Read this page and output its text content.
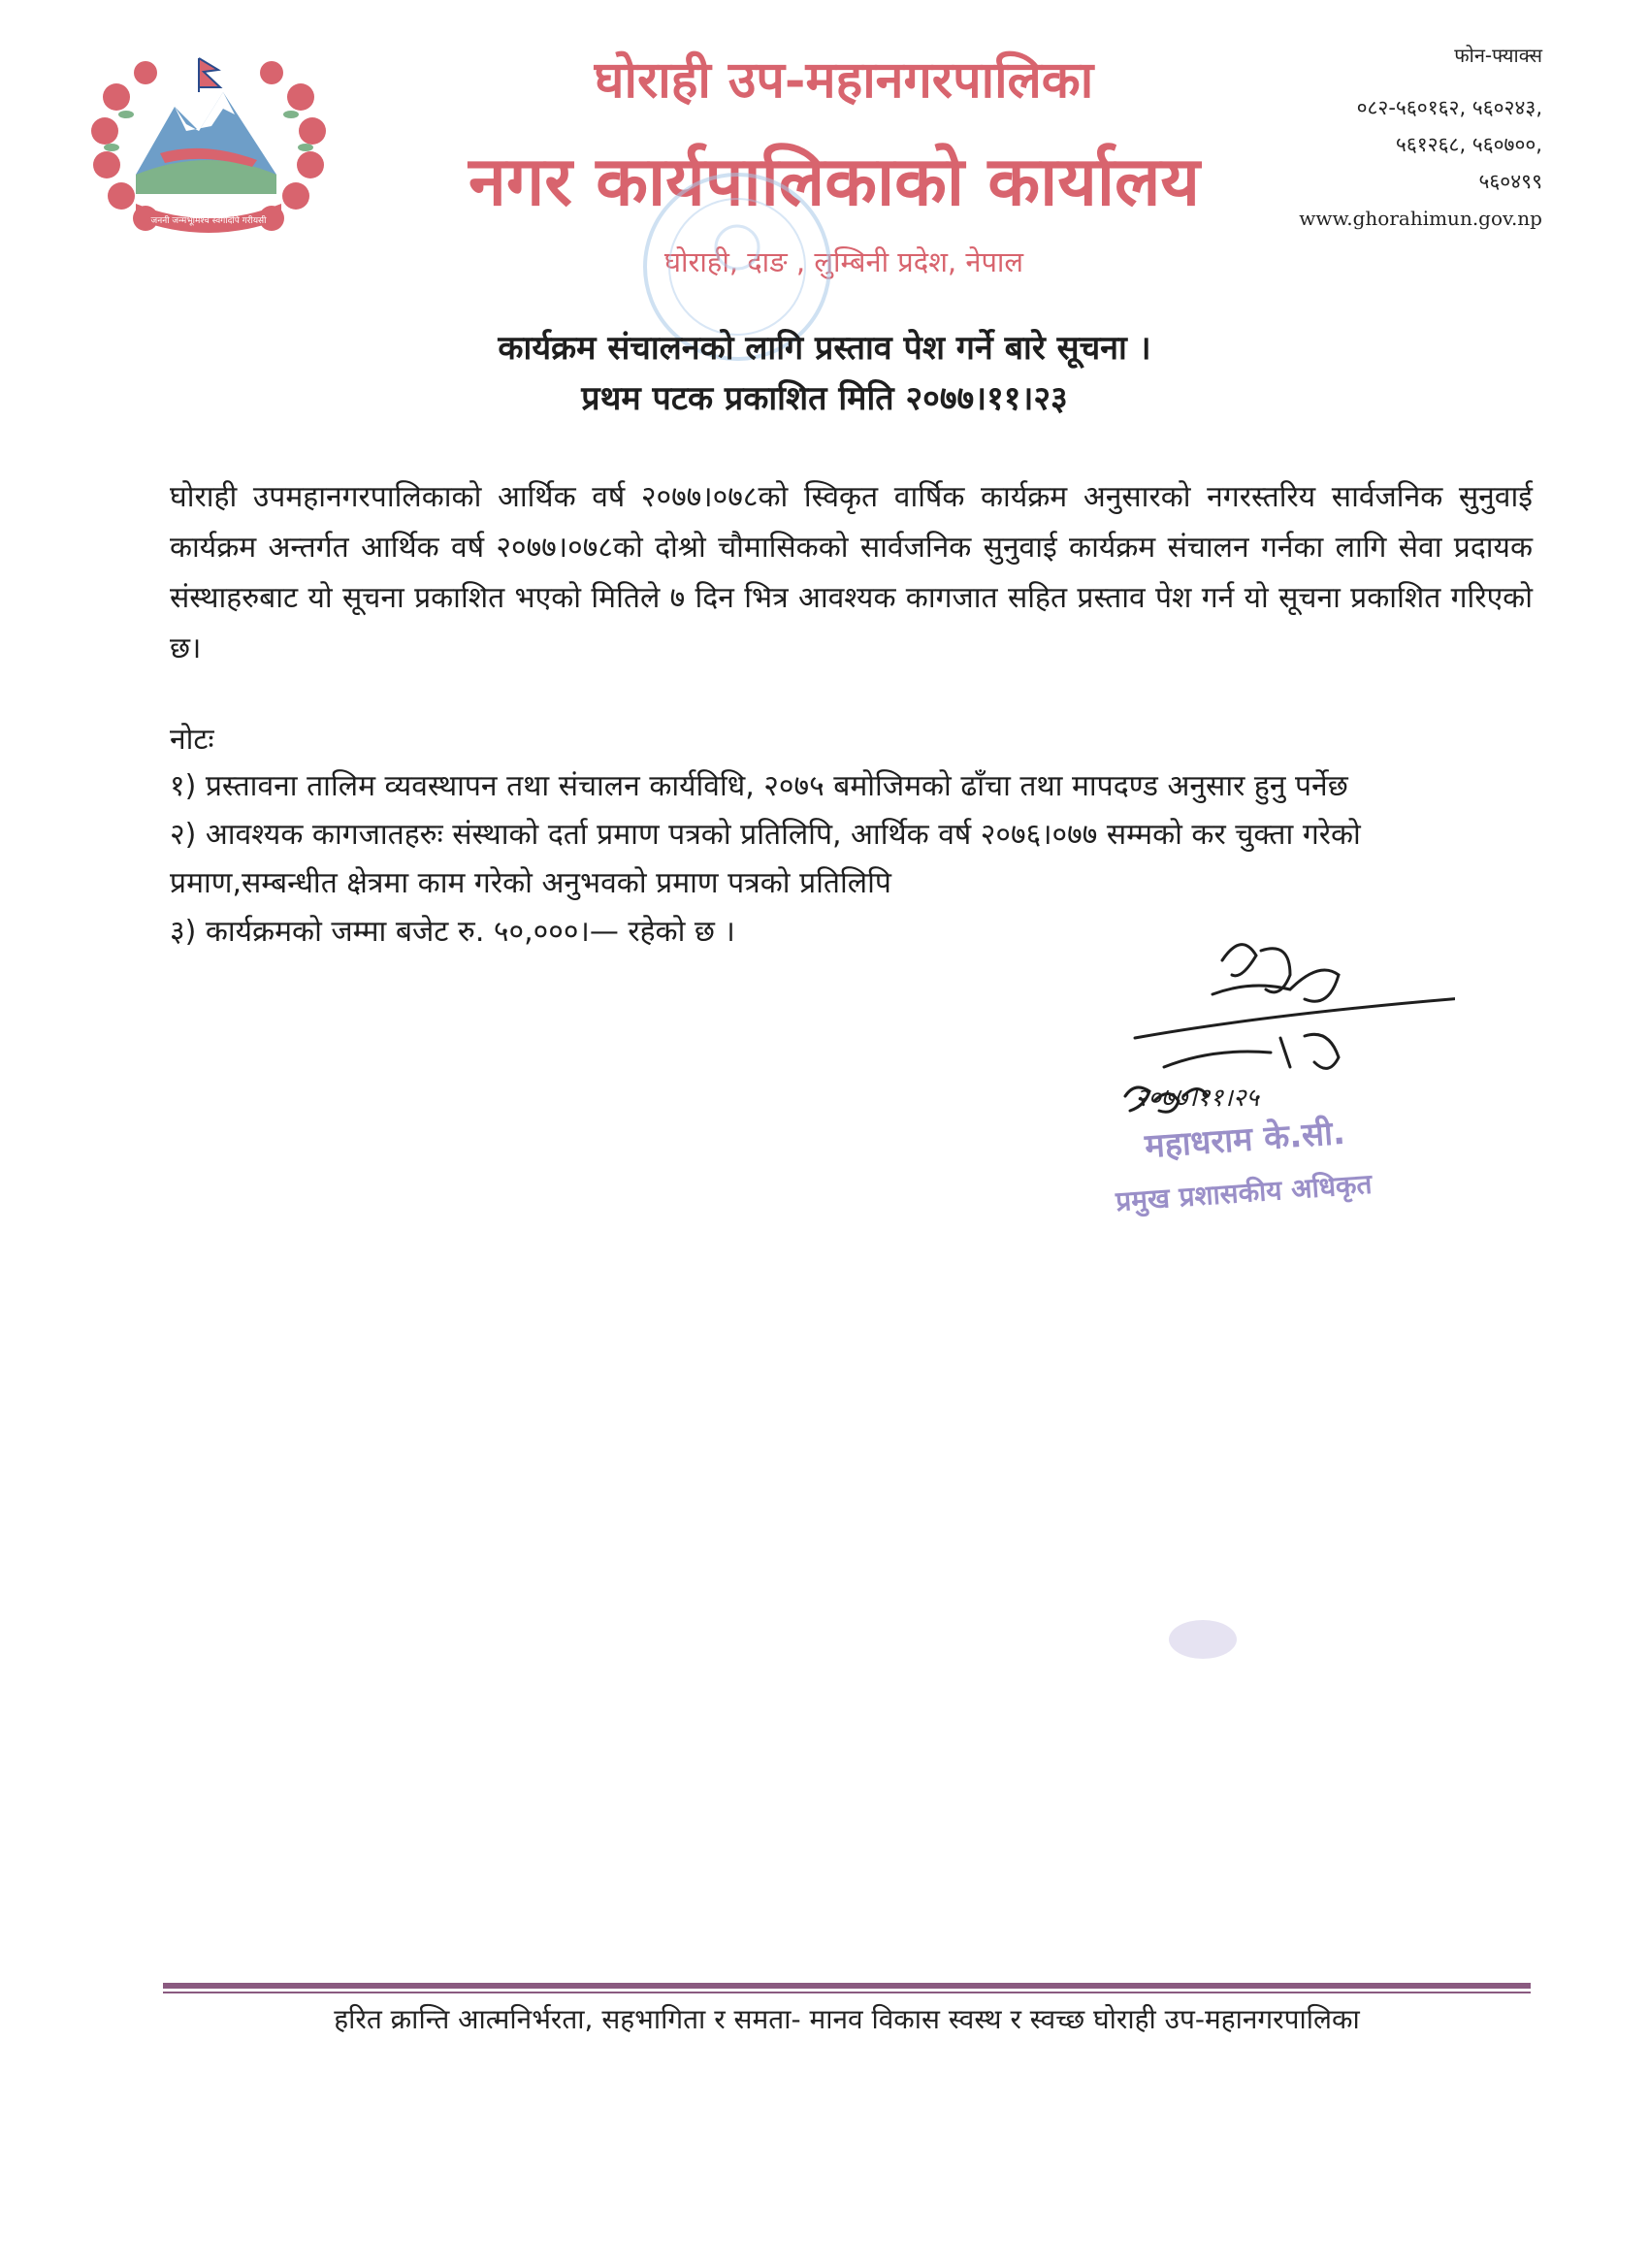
जननी जन्मभूमिश्च स्वर्गादपि गरीयसी
घोराही उप-महानगरपालिका
नगर कार्यपालिकाको कार्यालय
घोराही, दाङ , लुम्बिनी प्रदेश, नेपाल
फोन-फ्याक्स
०८२-५६०१६२, ५६०२४३,
५६१२६८, ५६०७००,
५६०४९९
www.ghorahimun.gov.np
कार्यक्रम संचालनको लागि प्रस्ताव पेश गर्ने बारे सूचना ।
प्रथम पटक प्रकाशित मिति २०७७।११।२३
घोराही उपमहानगरपालिकाको आर्थिक वर्ष २०७७।०७८को स्विकृत वार्षिक कार्यक्रम अनुसारको नगरस्तरिय सार्वजनिक सुनुवाई कार्यक्रम अन्तर्गत आर्थिक वर्ष २०७७।०७८को दोश्रो चौमासिकको सार्वजनिक सुनुवाई कार्यक्रम संचालन गर्नका लागि सेवा प्रदायक संस्थाहरुबाट यो सूचना प्रकाशित भएको मितिले ७ दिन भित्र आवश्यक कागजात सहित प्रस्ताव पेश गर्न यो सूचना प्रकाशित गरिएको छ।
नोटः

१) प्रस्तावना तालिम व्यवस्थापन तथा संचालन कार्यविधि, २०७५ बमोजिमको ढाँचा तथा मापदण्ड अनुसार हुनु पर्नेछ

२) आवश्यक कागजातहरुः संस्थाको दर्ता प्रमाण पत्रको प्रतिलिपि, आर्थिक वर्ष २०७६।०७७ सम्मको कर चुक्ता गरेको प्रमाण,सम्बन्धीत क्षेत्रमा काम गरेको अनुभवको प्रमाण पत्रको प्रतिलिपि

३) कार्यक्रमको जम्मा बजेट रु. ५०,०००।— रहेको छ ।

२०७७।११।२५
महाधराम के.सी.
प्रमुख प्रशासकीय अधिकृत
हरित क्रान्ति आत्मनिर्भरता, सहभागिता र समता- मानव विकास स्वस्थ र स्वच्छ घोराही उप-महानगरपालिका
